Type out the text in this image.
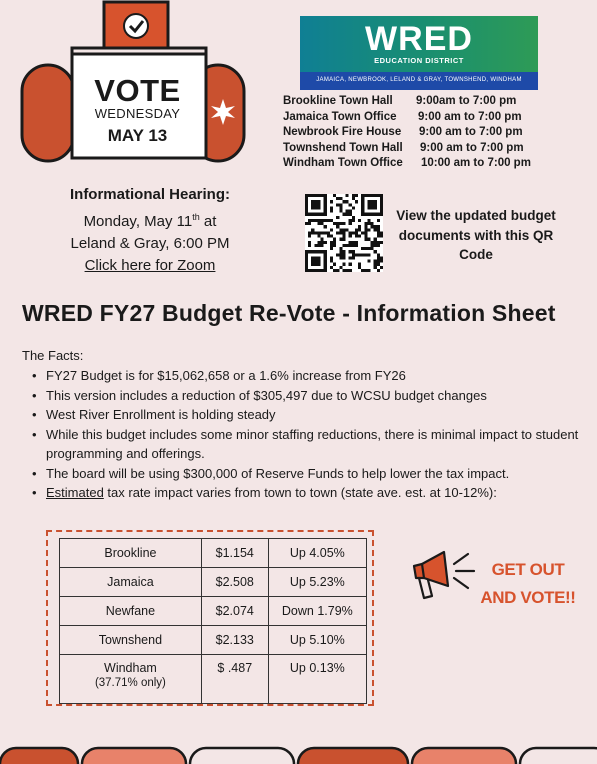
VOTE
WEDNESDAY
MAY 13
WRED
EDUCATION DISTRICT
JAMAICA, NEWBROOK, LELAND & GRAY, TOWNSHEND, WINDHAM
Brookline Town Hall 9:00am to 7:00 pm
Jamaica Town Office 9:00 am to 7:00 pm
Newbrook Fire House 9:00 am to 7:00 pm
Townshend Town Hall 9:00 am to 7:00 pm
Windham Town Office 10:00 am to 7:00 pm
Informational Hearing:
Monday, May 11th at
Leland & Gray, 6:00 PM
Click here for Zoom
View the updated budget documents with this QR Code
WRED FY27 Budget Re-Vote - Information Sheet
The Facts:
• FY27 Budget is for $15,062,658 or a 1.6% increase from FY26
• This version includes a reduction of $305,497 due to WCSU budget changes
• West River Enrollment is holding steady
• While this budget includes some minor staffing reductions, there is minimal impact to student programming and offerings.
• The board will be using $300,000 of Reserve Funds to help lower the tax impact.
• Estimated tax rate impact varies from town to town (state ave. est. at 10-12%):
Brookline	$1.154	Up 4.05%
Jamaica	$2.508	Up 5.23%
Newfane	$2.074	Down 1.79%
Townshend	$2.133	Up 5.10%
Windham
(37.71% only)	$ .487	Up 0.13%
GET OUT
AND VOTE!!
